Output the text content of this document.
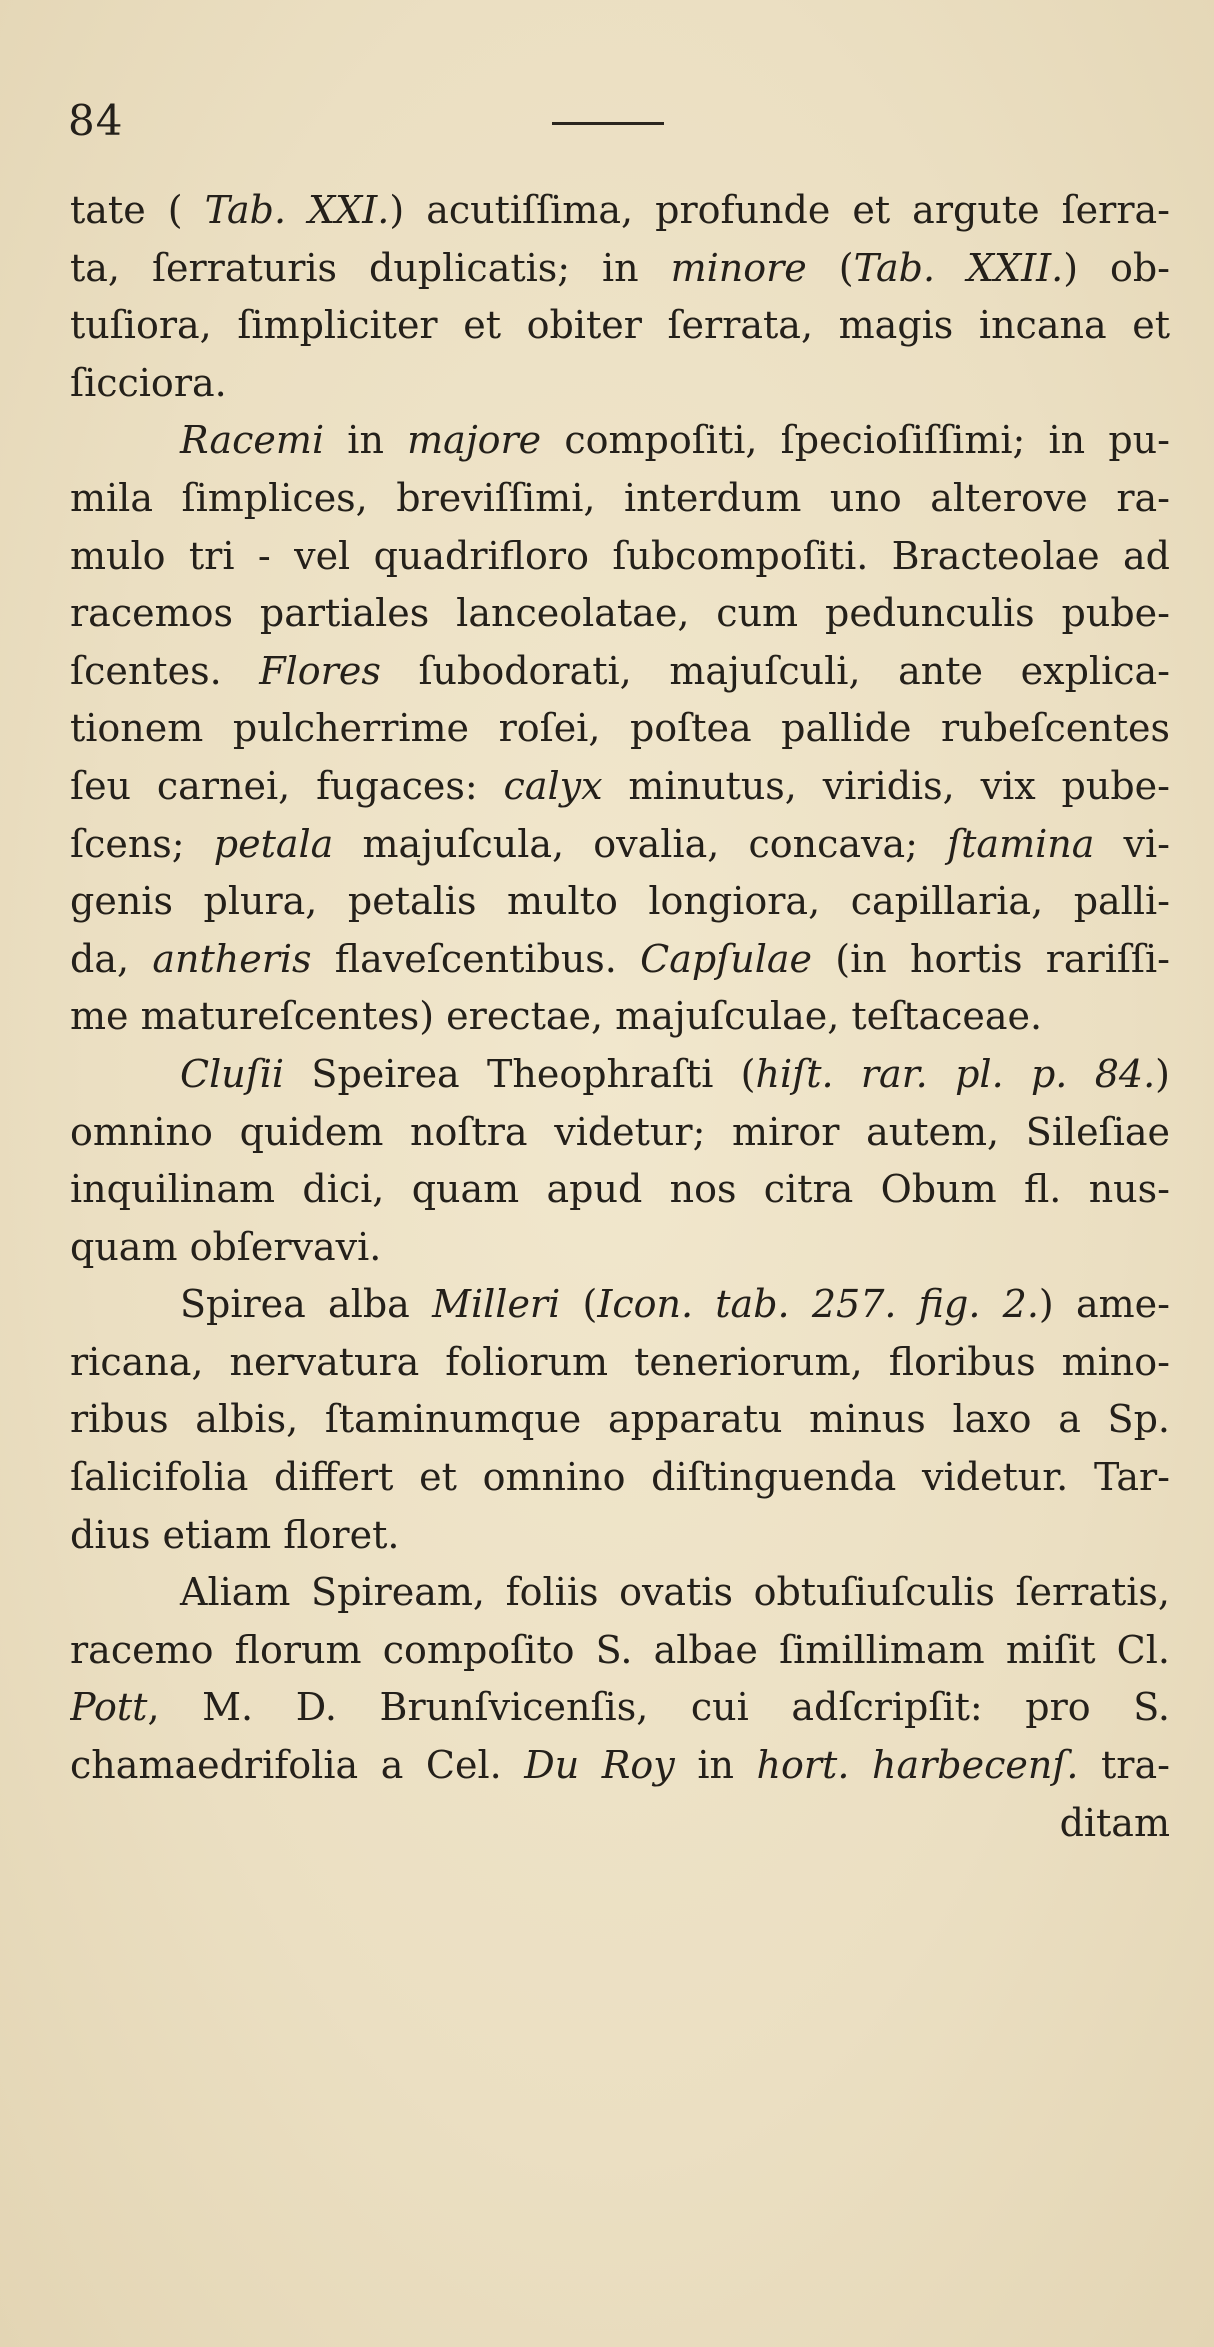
84
tate ( Tab. XXI.) acutiſſima, profunde et argute ſerra-
ta, ſerraturis duplicatis; in minore (Tab. XXII.) ob-
tuſiora, ſimpliciter et obiter ſerrata, magis incana et
ſicciora.
Racemi in majore compoſiti, ſpecioſiſſimi; in pu-
mila ſimplices, breviſſimi, interdum uno alterove ra-
mulo tri - vel quadrifloro ſubcompoſiti. Bracteolae ad
racemos partiales lanceolatae, cum pedunculis pube-
ſcentes. Flores ſubodorati, majuſculi, ante explica-
tionem pulcherrime roſei, poſtea pallide rubeſcentes
ſeu carnei, fugaces: calyx minutus, viridis, vix pube-
ſcens; petala majuſcula, ovalia, concava; ſtamina vi-
genis plura, petalis multo longiora, capillaria, palli-
da, antheris flaveſcentibus. Capſulae (in hortis rariſſi-
me matureſcentes) erectae, majuſculae, teſtaceae.
Cluſii Speirea Theophraſti (hiſt. rar. pl. p. 84.)
omnino quidem noſtra videtur; miror autem, Sileſiae
inquilinam dici, quam apud nos citra Obum fl. nus-
quam obſervavi.
Spirea alba Milleri (Icon. tab. 257. fig. 2.) ame-
ricana, nervatura foliorum teneriorum, floribus mino-
ribus albis, ſtaminumque apparatu minus laxo a Sp.
ſalicifolia differt et omnino diſtinguenda videtur. Tar-
dius etiam floret.
Aliam Spiream, foliis ovatis obtuſiuſculis ſerratis,
racemo florum compoſito S. albae ſimillimam miſit Cl.
Pott, M. D. Brunſvicenſis, cui adſcripſit: pro S.
chamaedrifolia a Cel. Du Roy in hort. harbecenſ. tra-
ditam
